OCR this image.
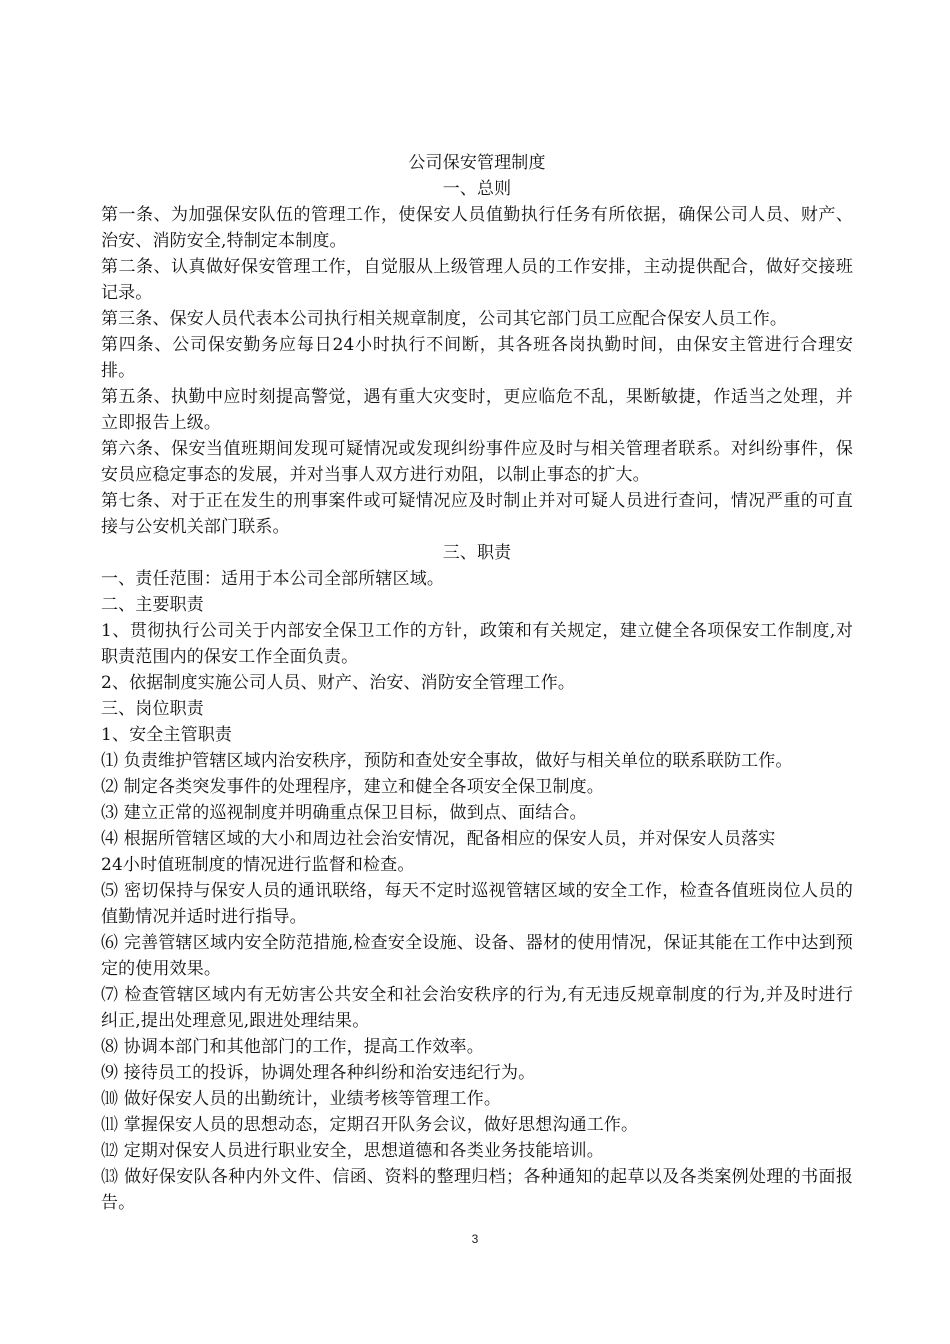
公司保安管理制度

一、总则

第一条、为加强保安队伍的管理工作，使保安人员值勤执行任务有所依据，确保公司人员、财产、治安、消防安全,特制定本制度。

第二条、认真做好保安管理工作，自觉服从上级管理人员的工作安排，主动提供配合，做好交接班记录。

第三条、保安人员代表本公司执行相关规章制度，公司其它部门员工应配合保安人员工作。

第四条、公司保安勤务应每日24小时执行不间断，其各班各岗执勤时间，由保安主管进行合理安排。

第五条、执勤中应时刻提高警觉，遇有重大灾变时，更应临危不乱，果断敏捷，作适当之处理，并立即报告上级。

第六条、保安当值班期间发现可疑情况或发现纠纷事件应及时与相关管理者联系。对纠纷事件，保安员应稳定事态的发展，并对当事人双方进行劝阻，以制止事态的扩大。

第七条、对于正在发生的刑事案件或可疑情况应及时制止并对可疑人员进行查问，情况严重的可直接与公安机关部门联系。

三、职责

一、责任范围：适用于本公司全部所辖区域。

二、主要职责

1、贯彻执行公司关于内部安全保卫工作的方针，政策和有关规定，建立健全各项保安工作制度,对职责范围内的保安工作全面负责。

2、依据制度实施公司人员、财产、治安、消防安全管理工作。

三、岗位职责

1、安全主管职责

⑴ 负责维护管辖区域内治安秩序，预防和查处安全事故，做好与相关单位的联系联防工作。

⑵ 制定各类突发事件的处理程序，建立和健全各项安全保卫制度。

⑶ 建立正常的巡视制度并明确重点保卫目标，做到点、面结合。

⑷ 根据所管辖区域的大小和周边社会治安情况，配备相应的保安人员，并对保安人员落实

24小时值班制度的情况进行监督和检查。

⑸ 密切保持与保安人员的通讯联络，每天不定时巡视管辖区域的安全工作，检查各值班岗位人员的值勤情况并适时进行指导。

⑹ 完善管辖区域内安全防范措施,检查安全设施、设备、器材的使用情况，保证其能在工作中达到预定的使用效果。

⑺ 检查管辖区域内有无妨害公共安全和社会治安秩序的行为,有无违反规章制度的行为,并及时进行纠正,提出处理意见,跟进处理结果。

⑻ 协调本部门和其他部门的工作，提高工作效率。

⑼ 接待员工的投诉，协调处理各种纠纷和治安违纪行为。

⑽ 做好保安人员的出勤统计，业绩考核等管理工作。

⑾ 掌握保安人员的思想动态，定期召开队务会议，做好思想沟通工作。

⑿ 定期对保安人员进行职业安全，思想道德和各类业务技能培训。

⒀ 做好保安队各种内外文件、信函、资料的整理归档；各种通知的起草以及各类案例处理的书面报告。

3
